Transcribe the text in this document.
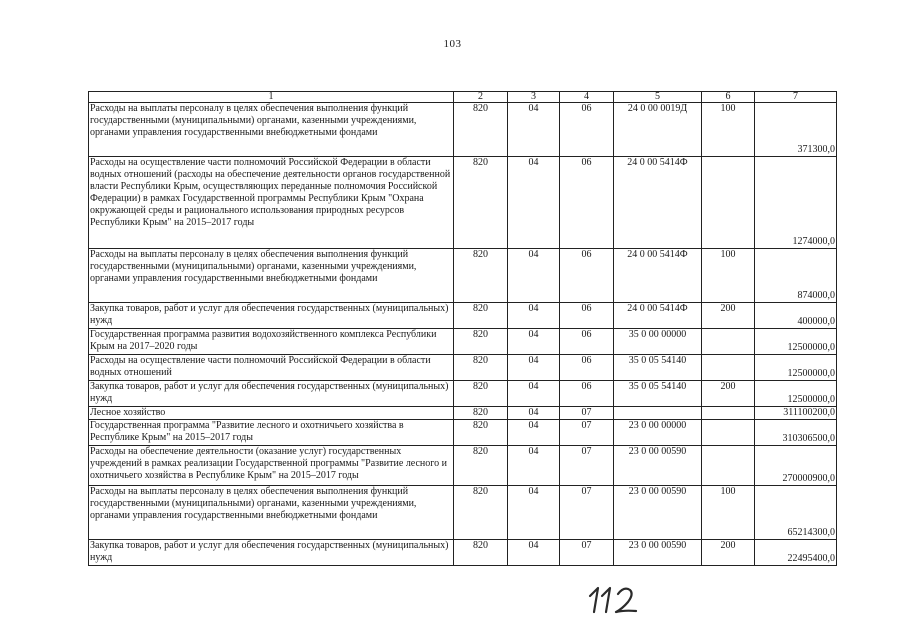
103
1	2	3	4	5	6	7
Расходы на выплаты персоналу в целях обеспечения выполнения функций государственными (муниципальными) органами, казенными учреждениями, органами управления государственными внебюджетными фондами	820	04	06	24 0 00 0019Д	100	371300,0
Расходы на осуществление части полномочий Российской Федерации в области водных отношений (расходы на обеспечение деятельности органов государственной власти Республики Крым, осуществляющих переданные полномочия Российской Федерации) в рамках Государственной программы Республики Крым "Охрана окружающей среды и рационального использования природных ресурсов Республики Крым" на 2015–2017 годы	820	04	06	24 0 00 5414Ф		1274000,0
Расходы на выплаты персоналу в целях обеспечения выполнения функций государственными (муниципальными) органами, казенными учреждениями, органами управления государственными внебюджетными фондами	820	04	06	24 0 00 5414Ф	100	874000,0
Закупка товаров, работ и услуг для обеспечения государственных (муниципальных) нужд	820	04	06	24 0 00 5414Ф	200	400000,0
Государственная программа развития водохозяйственного комплекса Республики Крым на 2017–2020 годы	820	04	06	35 0 00 00000		12500000,0
Расходы на осуществление части полномочий Российской Федерации в области водных отношений	820	04	06	35 0 05 54140		12500000,0
Закупка товаров, работ и услуг для обеспечения государственных (муниципальных) нужд	820	04	06	35 0 05 54140	200	12500000,0
Лесное хозяйство	820	04	07			311100200,0
Государственная программа "Развитие лесного и охотничьего хозяйства в Республике Крым" на 2015–2017 годы	820	04	07	23 0 00 00000		310306500,0
Расходы на обеспечение деятельности (оказание услуг) государственных учреждений в рамках реализации Государственной программы "Развитие лесного и охотничьего хозяйства в Республике Крым" на 2015–2017 годы	820	04	07	23 0 00 00590		270000900,0
Расходы на выплаты персоналу в целях обеспечения выполнения функций государственными (муниципальными) органами, казенными учреждениями, органами управления государственными внебюджетными фондами	820	04	07	23 0 00 00590	100	65214300,0
Закупка товаров, работ и услуг для обеспечения государственных (муниципальных) нужд	820	04	07	23 0 00 00590	200	22495400,0
